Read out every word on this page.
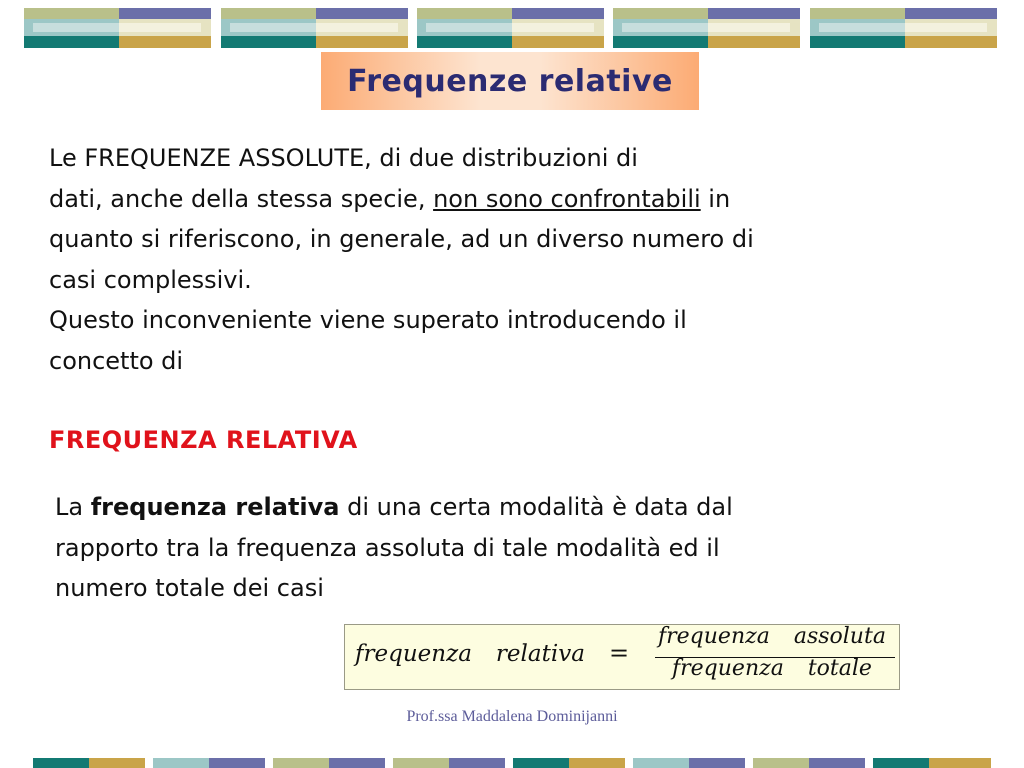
Frequenze relative
Le FREQUENZE ASSOLUTE, di due distribuzioni di
dati, anche della stessa specie, non sono confrontabili in
quanto si riferiscono, in generale, ad un diverso numero di
casi complessivi.
Questo inconveniente viene superato introducendo il
concetto di
FREQUENZA RELATIVA
La frequenza relativa di una certa modalità è data dal
rapporto tra la frequenza assoluta di tale modalità ed il
numero totale dei casi
frequenza relativa =
frequenza assoluta
frequenza totale
Prof.ssa Maddalena Dominijanni
